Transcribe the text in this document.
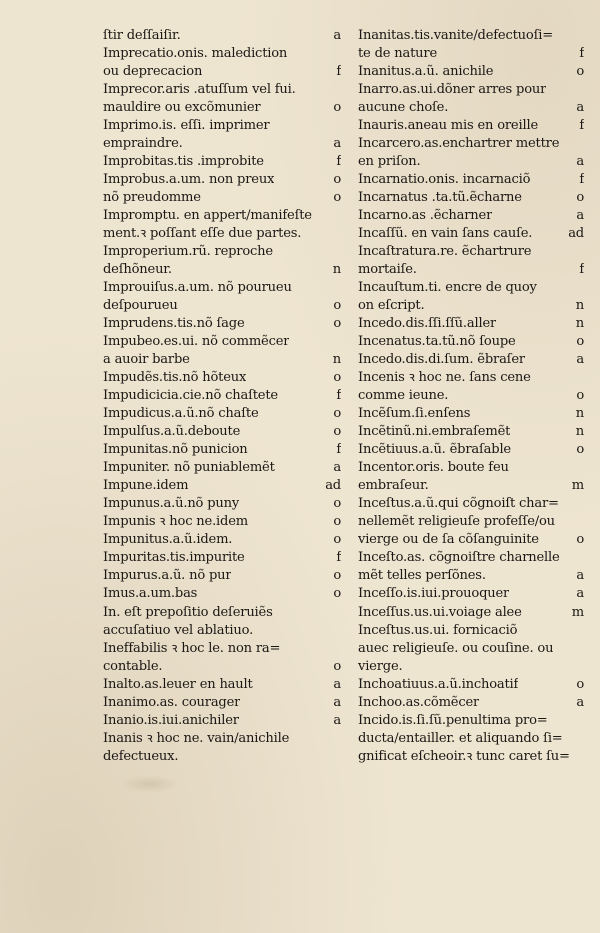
ſtir deſſaiſir.	a
Imprecatio.onis. malediction
ou deprecacion	f
Imprecor.aris .atuſſum vel fui.
mauldire ou excõmunier	o
Imprimo.is. eſſi. imprimer
empraindre.	a
Improbitas.tis .improbite	f
Improbus.a.um. non preux	o
nõ preudomme	o
Impromptu. en appert/manifeſte
ment.ꝛ poſſant eſſe due partes.
Improperium.rũ. reproche
deſhõneur.	n
Improuiſus.a.um. nõ pourueu
deſpourueu	o
Imprudens.tis.nõ ſage	o
Impubeo.es.ui. nõ commẽcer
a auoir barbe	n
Impudẽs.tis.nõ hõteux	o
Impudicicia.cie.nõ chaſtete	f
Impudicus.a.ũ.nõ chaſte	o
Impulſus.a.ũ.deboute	o
Impunitas.nõ punicion	f
Impuniter. nõ puniablemẽt	a
Impune.idem	ad
Impunus.a.ũ.nõ puny	o
Impunis ꝛ hoc ne.idem	o
Impunitus.a.ũ.idem.	o
Impuritas.tis.impurite	f
Impurus.a.ũ. nõ pur	o
Imus.a.um.bas	o
In. eſt prepoſitio deſeruiẽs
accuſatiuo vel ablatiuo.
Ineffabilis ꝛ hoc le. non ra=
contable.	o
Inalto.as.leuer en hault	a
Inanimo.as. courager	a
Inanio.is.iui.anichiler	a
Inanis ꝛ hoc ne. vain/anichile
defectueux.
Inanitas.tis.vanite/defectuoſi=
te de nature	f
Inanitus.a.ũ. anichile	o
Inarro.as.ui.dõner arres pour
aucune choſe.	a
Inauris.aneau mis en oreille	f
Incarcero.as.enchartrer mettre
en priſon.	a
Incarnatio.onis. incarnaciõ	f
Incarnatus .ta.tũ.ẽcharne	o
Incarno.as .ẽcharner	a
Incaſſũ. en vain ſans cauſe.	ad
Incaſtratura.re. ẽchartrure
mortaiſe.	f
Incauſtum.ti. encre de quoy
on eſcript.	n
Incedo.dis.ſſi.ſſũ.aller	n
Incenatus.ta.tũ.nõ ſoupe	o
Incedo.dis.di.ſum. ẽbraſer	a
Incenis ꝛ hoc ne. ſans cene
comme ieune.	o
Incẽſum.ſi.enſens	n
Incẽtinũ.ni.embraſemẽt	n
Incẽtiuus.a.ũ. ẽbraſable	o
Incentor.oris. boute feu
embraſeur.	m
Inceſtus.a.ũ.qui cõgnoiſt char=
nellemẽt religieuſe profeſſe/ou
vierge ou de ſa cõſanguinite	o
Inceſto.as. cõgnoiſtre charnelle
mẽt telles perſõnes.	a
Inceſſo.is.iui.prouoquer	a
Inceſſus.us.ui.voiage alee	m
Inceſtus.us.ui. fornicaciõ
auec religieuſe. ou couſine. ou
vierge.
Inchoatiuus.a.ũ.inchoatif	o
Inchoo.as.cõmẽcer	a
Incido.is.ſi.ſũ.penultima pro=
ducta/entailler. et aliquando ſi=
gnificat eſcheoir.ꝛ tunc caret ſu=
